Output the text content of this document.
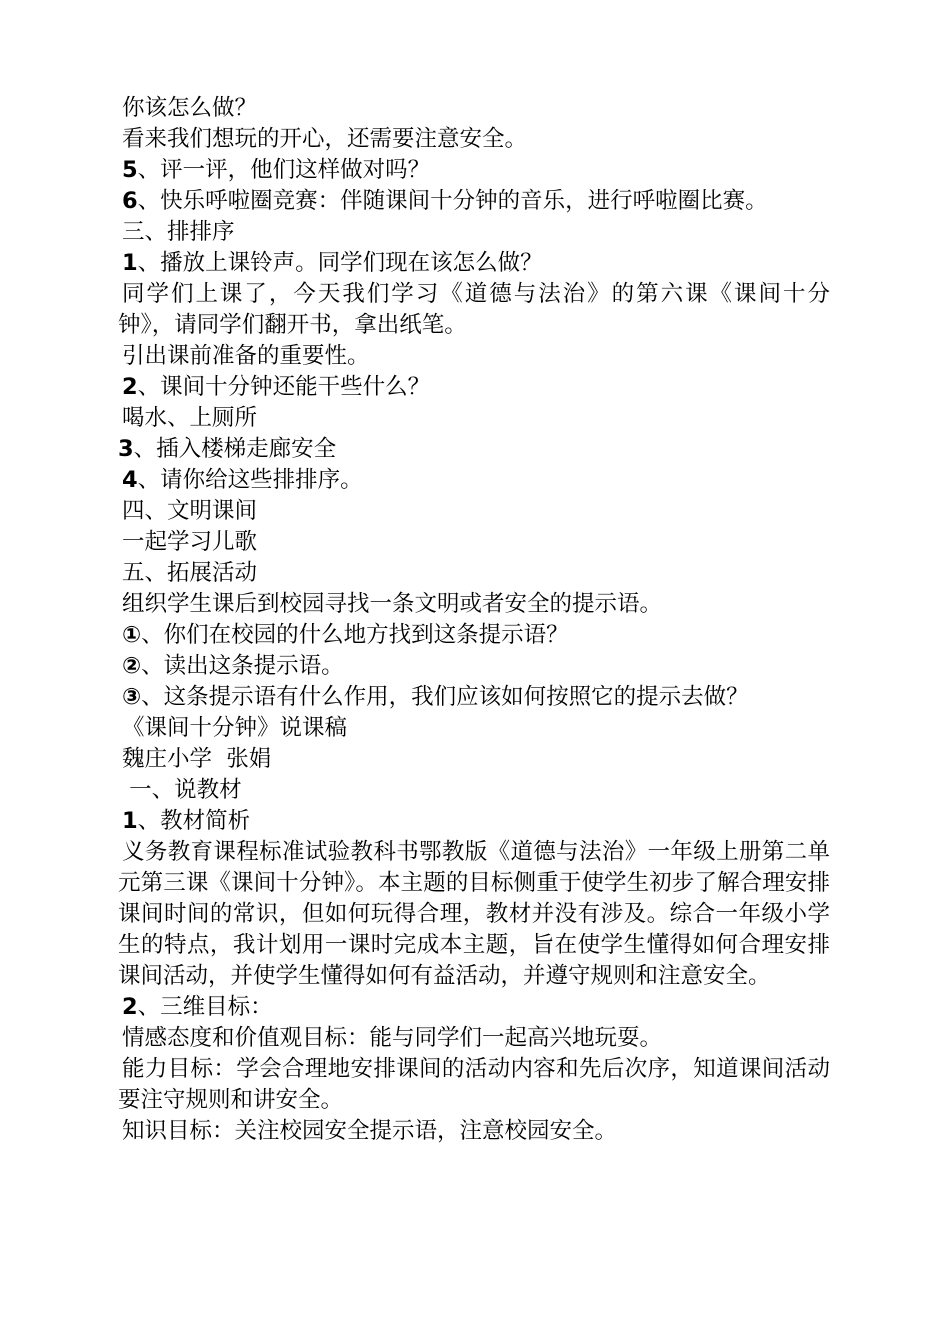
你该怎么做？

看来我们想玩的开心，还需要注意安全。

5、评一评，他们这样做对吗？

6、快乐呼啦圈竞赛：伴随课间十分钟的音乐，进行呼啦圈比赛。

三、排排序

1、播放上课铃声。同学们现在该怎么做？

同学们上课了，今天我们学习《道德与法治》的第六课《课间十分钟》，请同学们翻开书，拿出纸笔。

引出课前准备的重要性。

2、课间十分钟还能干些什么？

喝水、上厕所

3、插入楼梯走廊安全

4、请你给这些排排序。

四、文明课间

一起学习儿歌

五、拓展活动

组织学生课后到校园寻找一条文明或者安全的提示语。

①、你们在校园的什么地方找到这条提示语？

②、读出这条提示语。

③、这条提示语有什么作用，我们应该如何按照它的提示去做？

《课间十分钟》说课稿

魏庄小学  张娟

一、说教材

1、教材简析

义务教育课程标准试验教科书鄂教版《道德与法治》一年级上册第二单元第三课《课间十分钟》。本主题的目标侧重于使学生初步了解合理安排课间时间的常识，但如何玩得合理，教材并没有涉及。综合一年级小学生的特点，我计划用一课时完成本主题，旨在使学生懂得如何合理安排课间活动，并使学生懂得如何有益活动，并遵守规则和注意安全。

2、三维目标：

情感态度和价值观目标：能与同学们一起高兴地玩耍。

能力目标：学会合理地安排课间的活动内容和先后次序，知道课间活动要注守规则和讲安全。

知识目标：关注校园安全提示语，注意校园安全。
